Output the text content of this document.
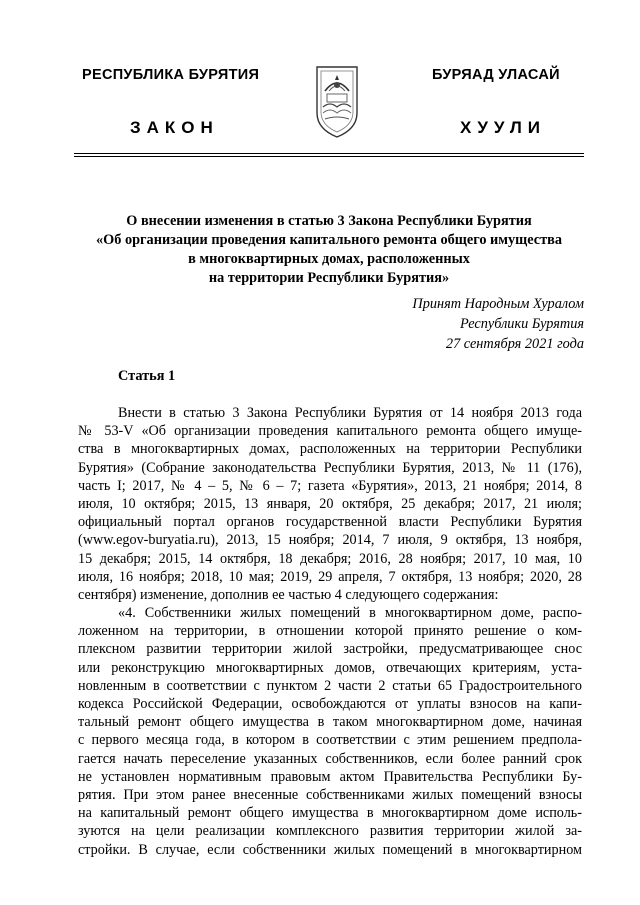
РЕСПУБЛИКА БУРЯТИЯ	БУРЯАД УЛАСАЙ
ЗАКОН	ХУУЛИ
О внесении изменения в статью 3 Закона Республики Бурятия
«Об организации проведения капитального ремонта общего имущества
в многоквартирных домах, расположенных
на территории Республики Бурятия»
Принят Народным Хуралом
Республики Бурятия
27 сентября 2021 года
Статья 1
Внести в статью 3 Закона Республики Бурятия от 14 ноября 2013 года
№ 53-V «Об организации проведения капитального ремонта общего имуще-
ства в многоквартирных домах, расположенных на территории Республики
Бурятия» (Собрание законодательства Республики Бурятия, 2013, № 11 (176),
часть I; 2017, № 4 – 5, № 6 – 7; газета «Бурятия», 2013, 21 ноября; 2014, 8
июля, 10 октября; 2015, 13 января, 20 октября, 25 декабря; 2017, 21 июля;
официальный портал органов государственной власти Республики Бурятия
(www.egov-buryatia.ru), 2013, 15 ноября; 2014, 7 июля, 9 октября, 13 ноября,
15 декабря; 2015, 14 октября, 18 декабря; 2016, 28 ноября; 2017, 10 мая, 10
июля, 16 ноября; 2018, 10 мая; 2019, 29 апреля, 7 октября, 13 ноября; 2020, 28
сентября) изменение, дополнив ее частью 4 следующего содержания:
«4. Собственники жилых помещений в многоквартирном доме, распо-
ложенном на территории, в отношении которой принято решение о ком-
плексном развитии территории жилой застройки, предусматривающее снос
или реконструкцию многоквартирных домов, отвечающих критериям, уста-
новленным в соответствии с пунктом 2 части 2 статьи 65 Градостроительного
кодекса Российской Федерации, освобождаются от уплаты взносов на капи-
тальный ремонт общего имущества в таком многоквартирном доме, начиная
с первого месяца года, в котором в соответствии с этим решением предпола-
гается начать переселение указанных собственников, если более ранний срок
не установлен нормативным правовым актом Правительства Республики Бу-
рятия. При этом ранее внесенные собственниками жилых помещений взносы
на капитальный ремонт общего имущества в многоквартирном доме исполь-
зуются на цели реализации комплексного развития территории жилой за-
стройки. В случае, если собственники жилых помещений в многоквартирном
